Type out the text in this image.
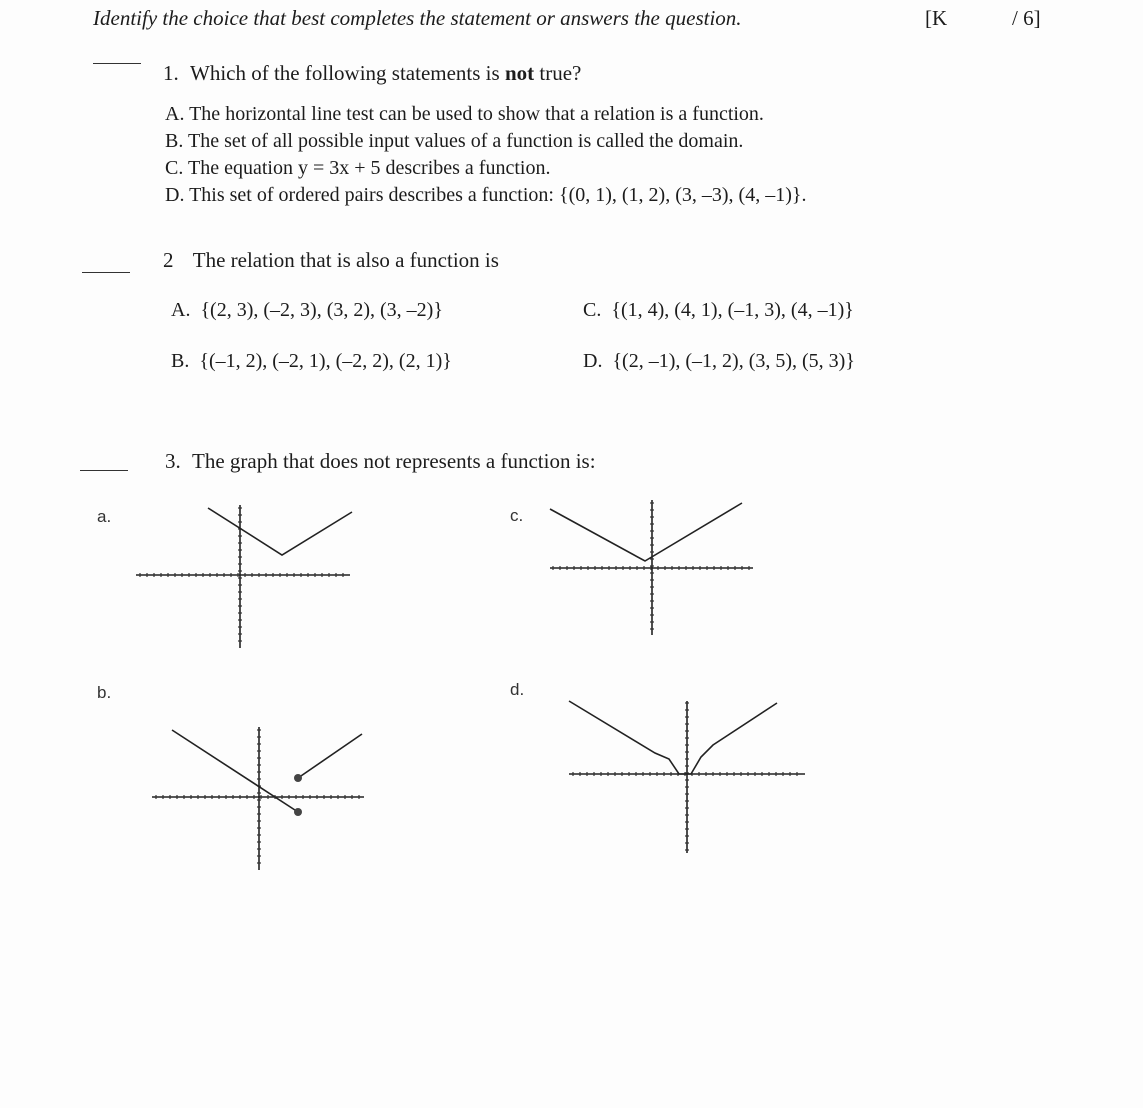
Identify the choice that best completes the statement or answers the question.	[K	/ 6]
1. Which of the following statements is not true?
A. The horizontal line test can be used to show that a relation is a function.
B. The set of all possible input values of a function is called the domain.
C. The equation y = 3x + 5 describes a function.
D. This set of ordered pairs describes a function: {(0, 1), (1, 2), (3, –3), (4, –1)}.
2 The relation that is also a function is
A. {(2, 3), (–2, 3), (3, 2), (3, –2)}	C. {(1, 4), (4, 1), (–1, 3), (4, –1)}
B. {(–1, 2), (–2, 1), (–2, 2), (2, 1)}	D. {(2, –1), (–1, 2), (3, 5), (5, 3)}
3. The graph that does not represents a function is:
a.	c.
b.	d.
